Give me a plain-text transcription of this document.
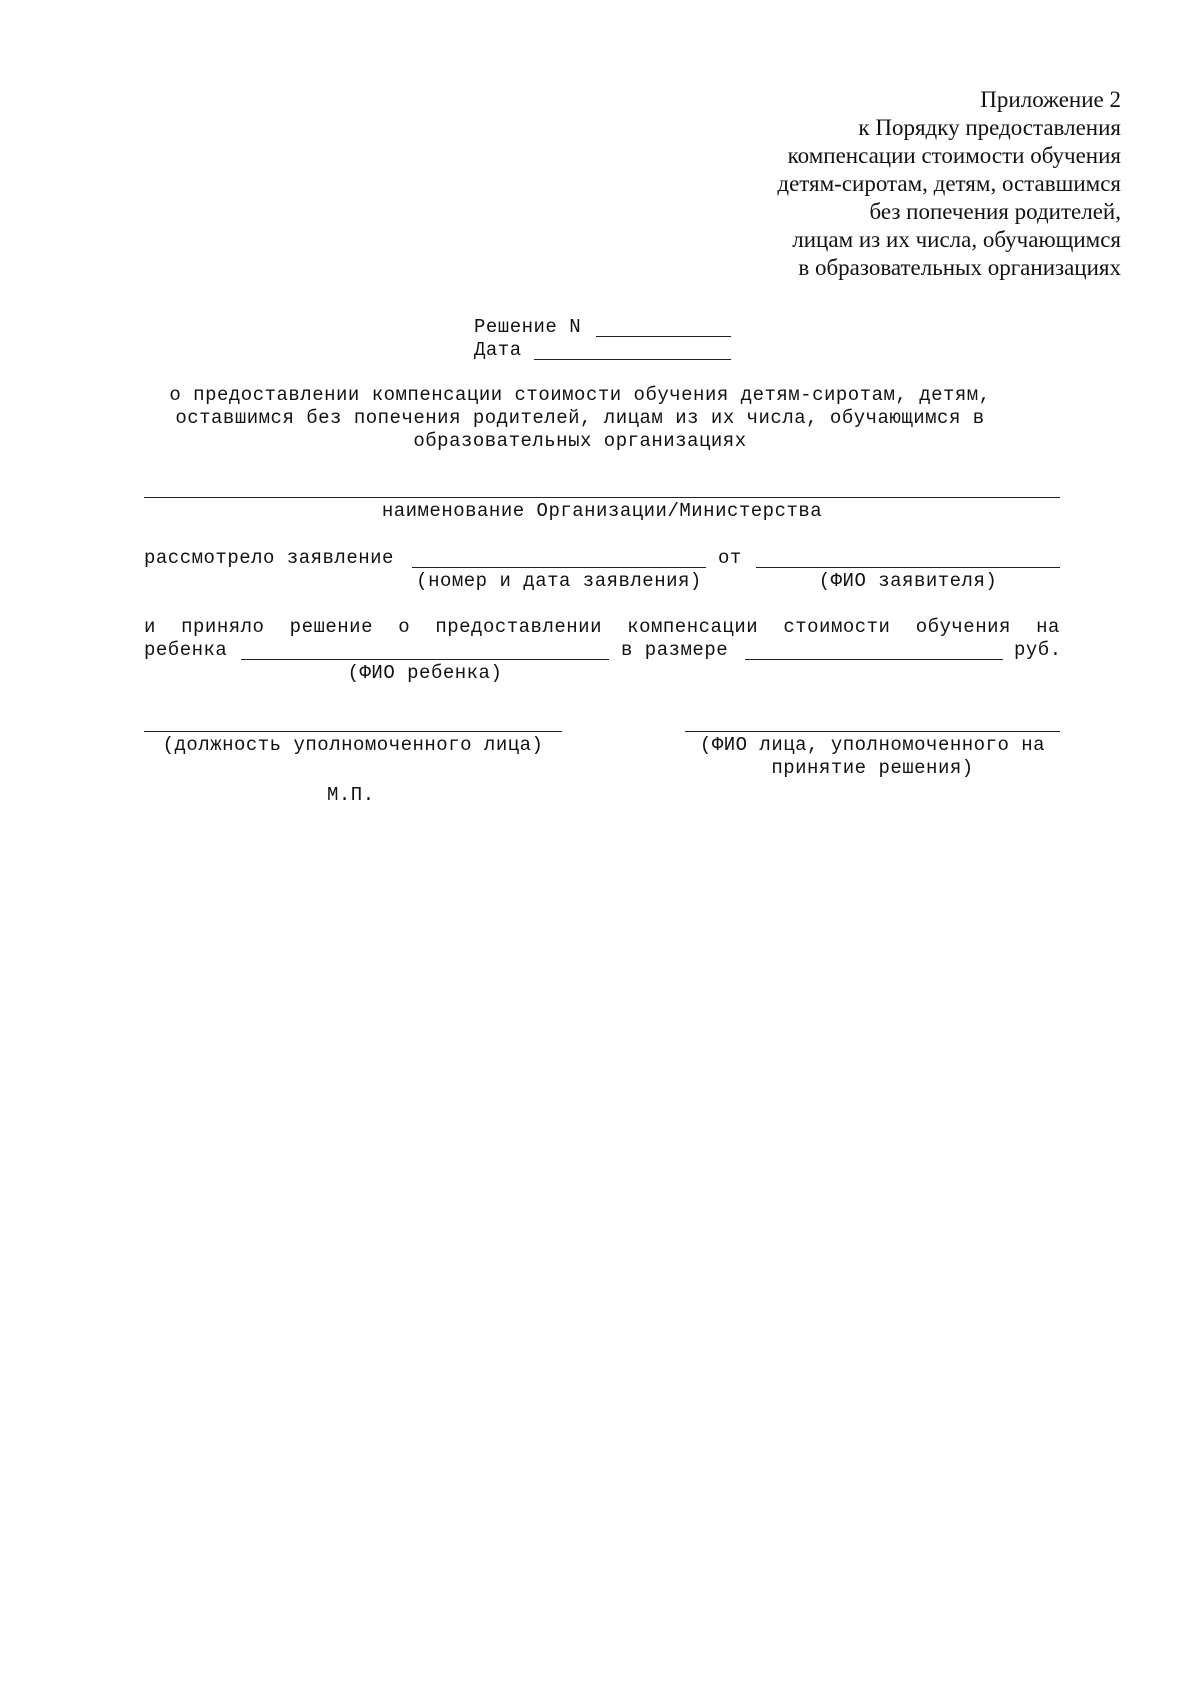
Приложение 2
к Порядку предоставления
компенсации стоимости обучения
детям-сиротам, детям, оставшимся
без попечения родителей,
лицам из их числа, обучающимся
в образовательных организациях
Решение N
Дата
о предоставлении компенсации стоимости обучения детям-сиротам, детям,
оставшимся без попечения родителей, лицам из их числа, обучающимся в
образовательных организациях
наименование Организации/Министерства
рассмотрело заявление	от
(номер и дата заявления)	(ФИО заявителя)
и приняло решение о предоставлении компенсации стоимости обучения на
ребенка	в размере	руб.
(ФИО ребенка)
(должность уполномоченного лица)	(ФИО лица, уполномоченного на
принятие решения)
М.П.
